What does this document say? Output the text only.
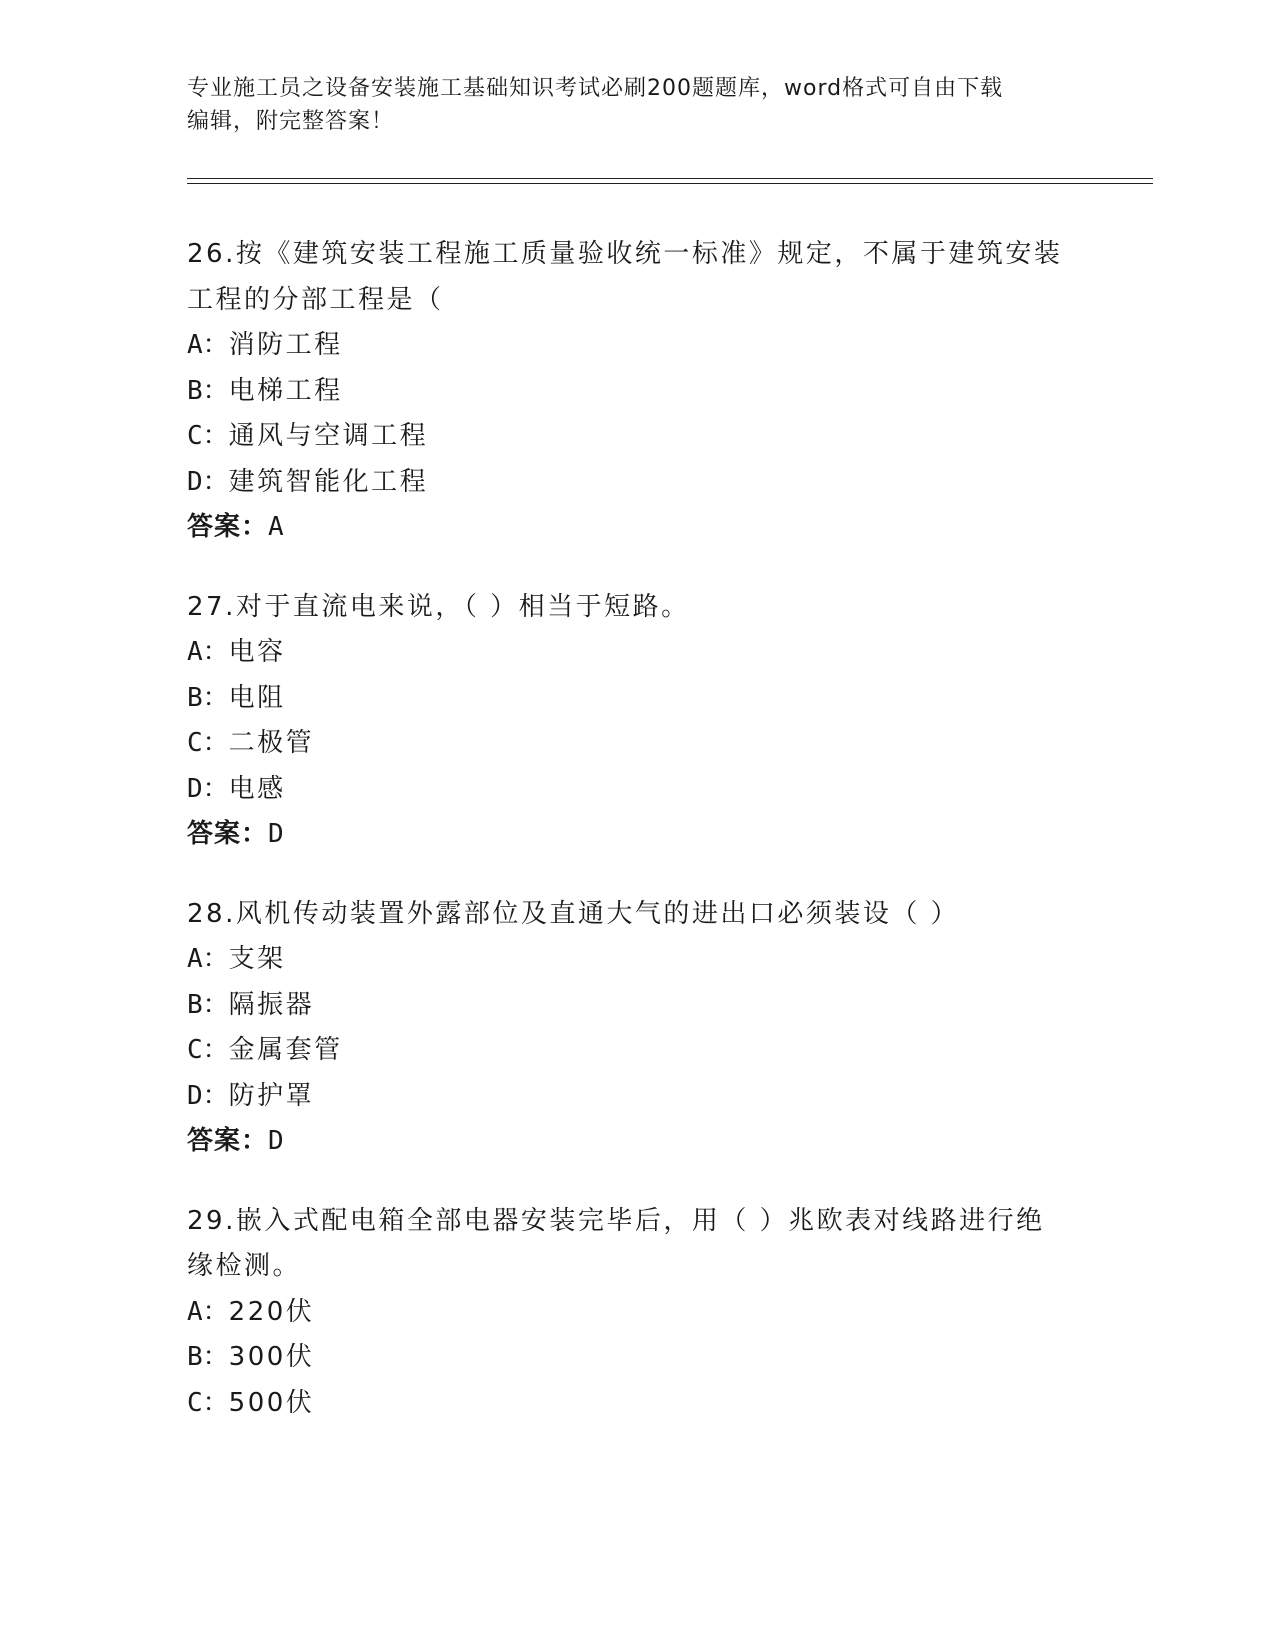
专业施工员之设备安装施工基础知识考试必刷200题题库，word格式可自由下载
编辑，附完整答案！
26.按《建筑安装工程施工质量验收统一标准》规定，不属于建筑安装
工程的分部工程是（
A：消防工程
B：电梯工程
C：通风与空调工程
D：建筑智能化工程
答案：A
27.对于直流电来说，（ ）相当于短路。
A：电容
B：电阻
C：二极管
D：电感
答案：D
28.风机传动装置外露部位及直通大气的进出口必须装设（ ）
A：支架
B：隔振器
C：金属套管
D：防护罩
答案：D
29.嵌入式配电箱全部电器安装完毕后，用（ ）兆欧表对线路进行绝
缘检测。
A：220伏
B：300伏
C：500伏
